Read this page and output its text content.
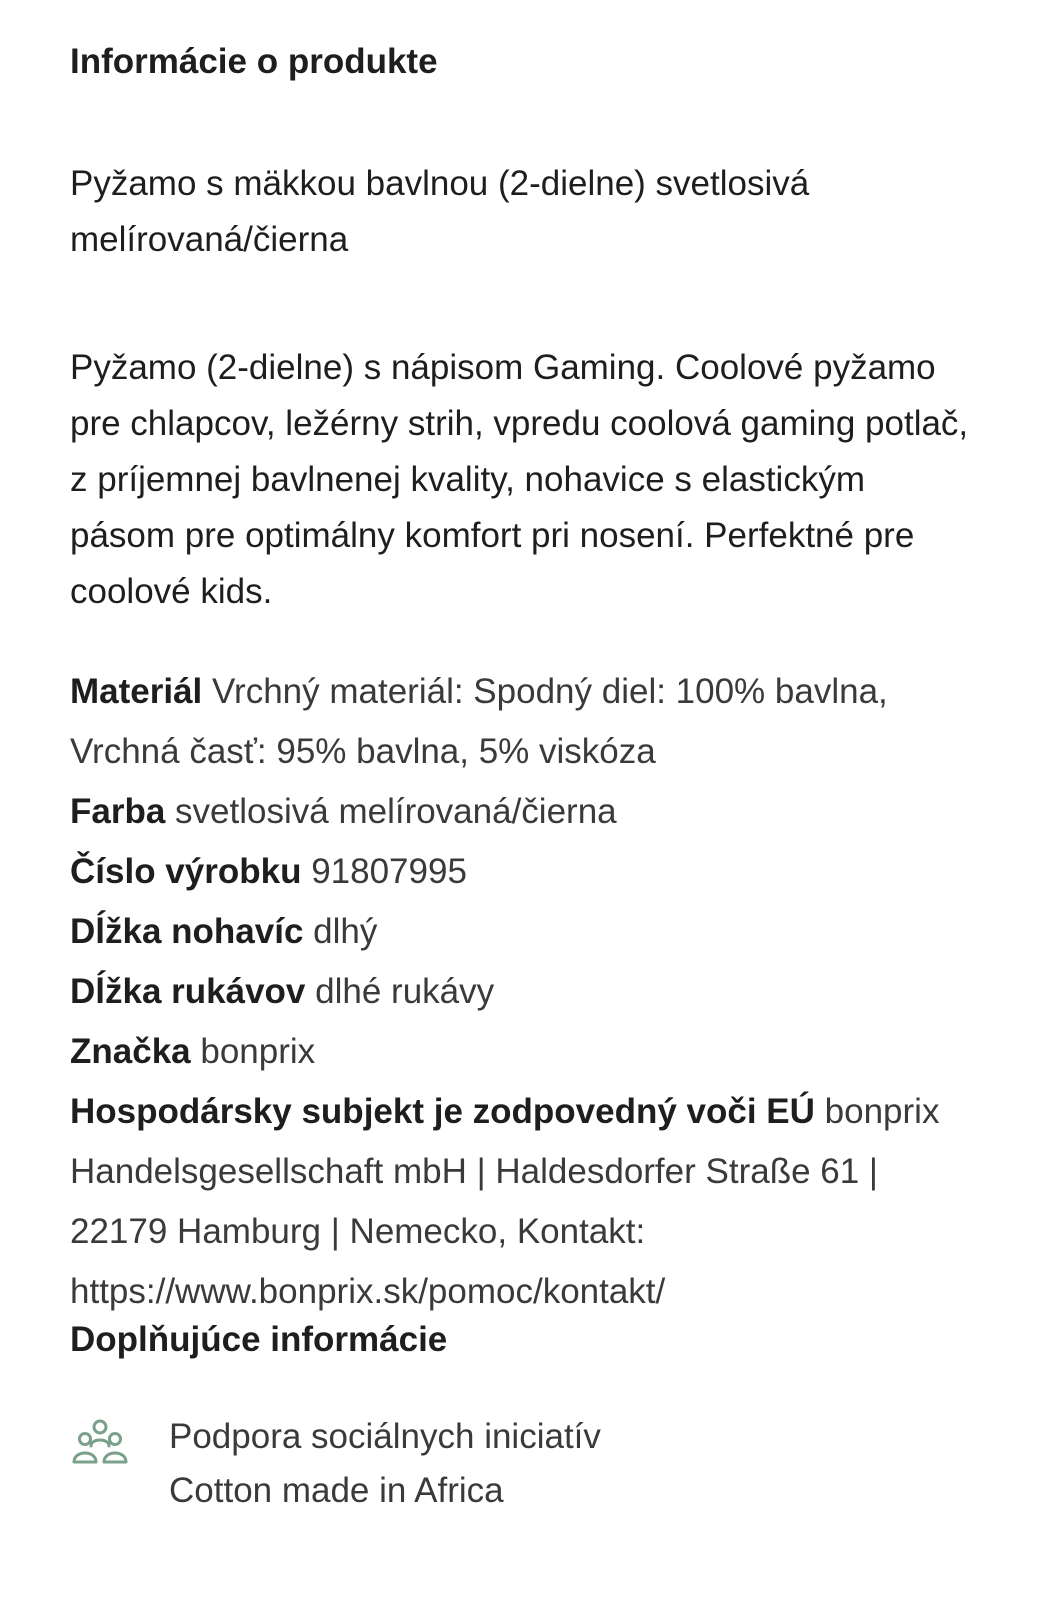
Informácie o produkte

Pyžamo s mäkkou bavlnou (2-dielne) svetlosivá melírovaná/čierna

Pyžamo (2-dielne) s nápisom Gaming. Coolové pyžamo pre chlapcov, ležérny strih, vpredu coolová gaming potlač, z príjemnej bavlnenej kvality, nohavice s elastickým pásom pre optimálny komfort pri nosení. Perfektné pre coolové kids.

Materiál Vrchný materiál: Spodný diel: 100% bavlna, Vrchná časť: 95% bavlna, 5% viskóza
Farba svetlosivá melírovaná/čierna
Číslo výrobku 91807995
Dĺžka nohavíc dlhý
Dĺžka rukávov dlhé rukávy
Značka bonprix
Hospodársky subjekt je zodpovedný voči EÚ bonprix Handelsgesellschaft mbH | Haldesdorfer Straße 61 | 22179 Hamburg | Nemecko, Kontakt: https://www.bonprix.sk/pomoc/kontakt/
Doplňujúce informácie
Podpora sociálnych iniciatív
Cotton made in Africa
